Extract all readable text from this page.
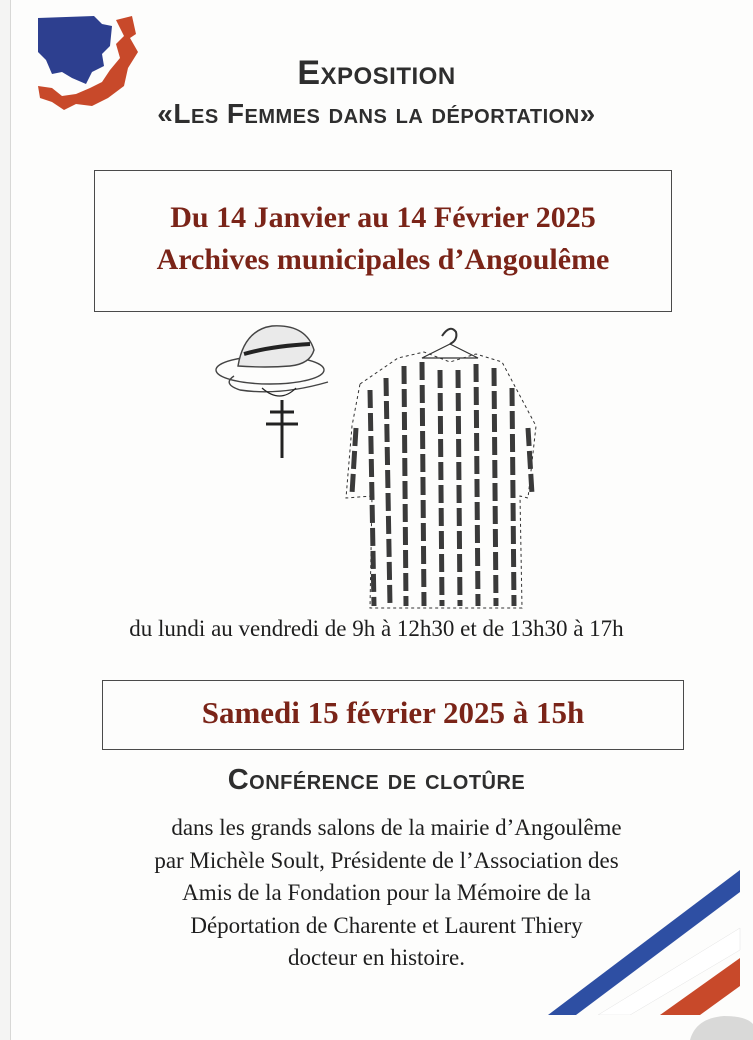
Exposition
«Les Femmes dans la déportation»
Du 14 Janvier au 14 Février 2025
Archives municipales d’Angoulême
du lundi au vendredi de 9h à 12h30 et de 13h30 à 17h
Samedi 15 février 2025 à 15h
Conférence de clotûre
dans les grands salons de la mairie d’Angoulême
par Michèle Soult, Présidente de l’Association des
Amis de la Fondation pour la Mémoire de la
Déportation de Charente et Laurent Thiery
docteur en histoire.
